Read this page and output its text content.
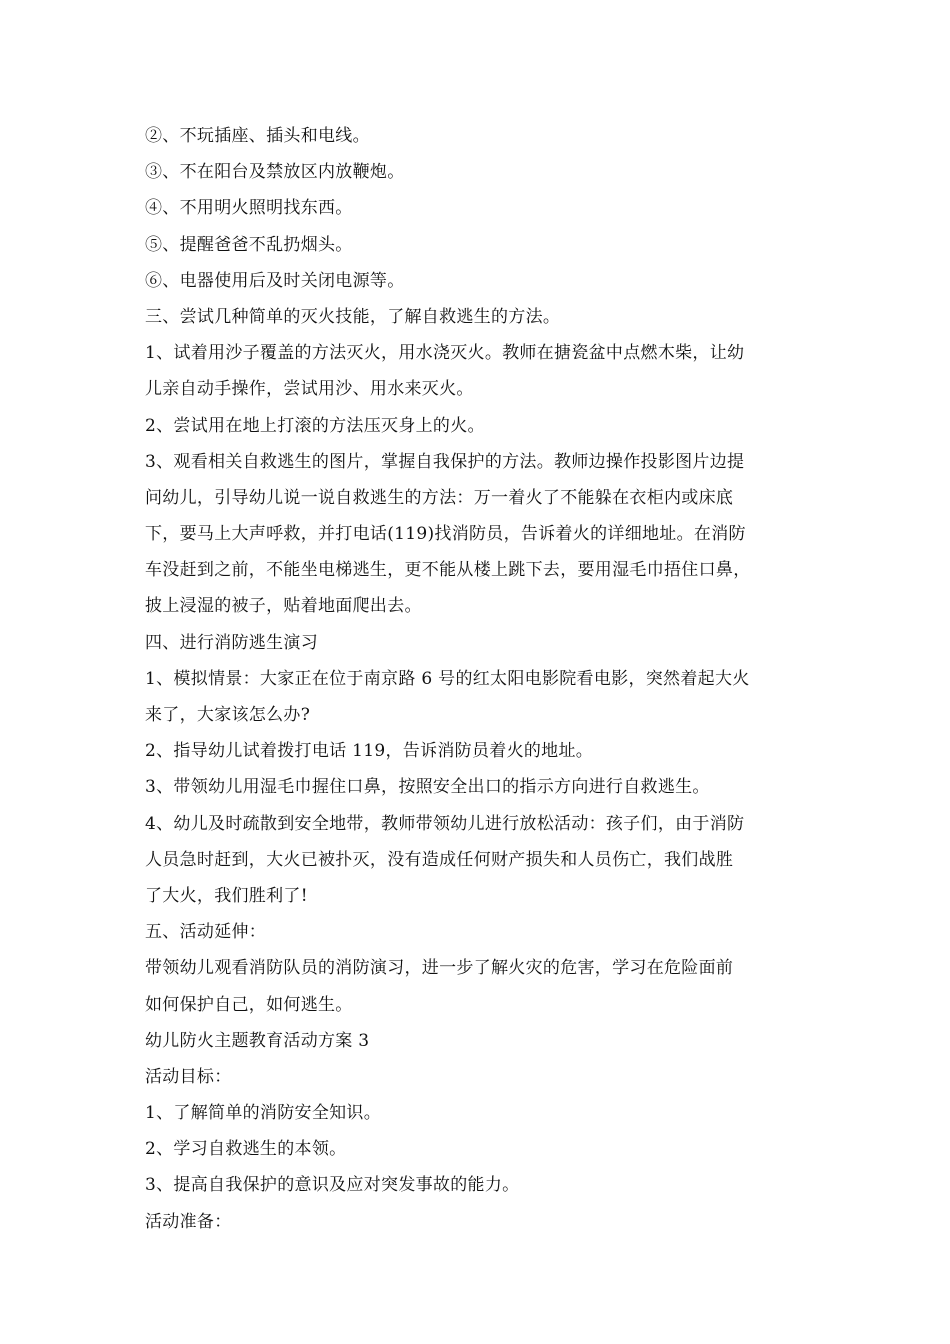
②、不玩插座、插头和电线。
③、不在阳台及禁放区内放鞭炮。
④、不用明火照明找东西。
⑤、提醒爸爸不乱扔烟头。
⑥、电器使用后及时关闭电源等。
三、尝试几种简单的灭火技能，了解自救逃生的方法。
1、试着用沙子覆盖的方法灭火，用水浇灭火。教师在搪瓷盆中点燃木柴，让幼
儿亲自动手操作，尝试用沙、用水来灭火。
2、尝试用在地上打滚的方法压灭身上的火。
3、观看相关自救逃生的图片，掌握自我保护的方法。教师边操作投影图片边提
问幼儿，引导幼儿说一说自救逃生的方法：万一着火了不能躲在衣柜内或床底
下，要马上大声呼救，并打电话(119)找消防员，告诉着火的详细地址。在消防
车没赶到之前，不能坐电梯逃生，更不能从楼上跳下去，要用湿毛巾捂住口鼻，
披上浸湿的被子，贴着地面爬出去。
四、进行消防逃生演习
1、模拟情景：大家正在位于南京路 6 号的红太阳电影院看电影，突然着起大火
来了，大家该怎么办?
2、指导幼儿试着拨打电话 119，告诉消防员着火的地址。
3、带领幼儿用湿毛巾握住口鼻，按照安全出口的指示方向进行自救逃生。
4、幼儿及时疏散到安全地带，教师带领幼儿进行放松活动：孩子们，由于消防
人员急时赶到，大火已被扑灭，没有造成任何财产损失和人员伤亡，我们战胜
了大火，我们胜利了!
五、活动延伸：
带领幼儿观看消防队员的消防演习，进一步了解火灾的危害，学习在危险面前
如何保护自己，如何逃生。
幼儿防火主题教育活动方案 3
活动目标：
1、了解简单的消防安全知识。
2、学习自救逃生的本领。
3、提高自我保护的意识及应对突发事故的能力。
活动准备：
